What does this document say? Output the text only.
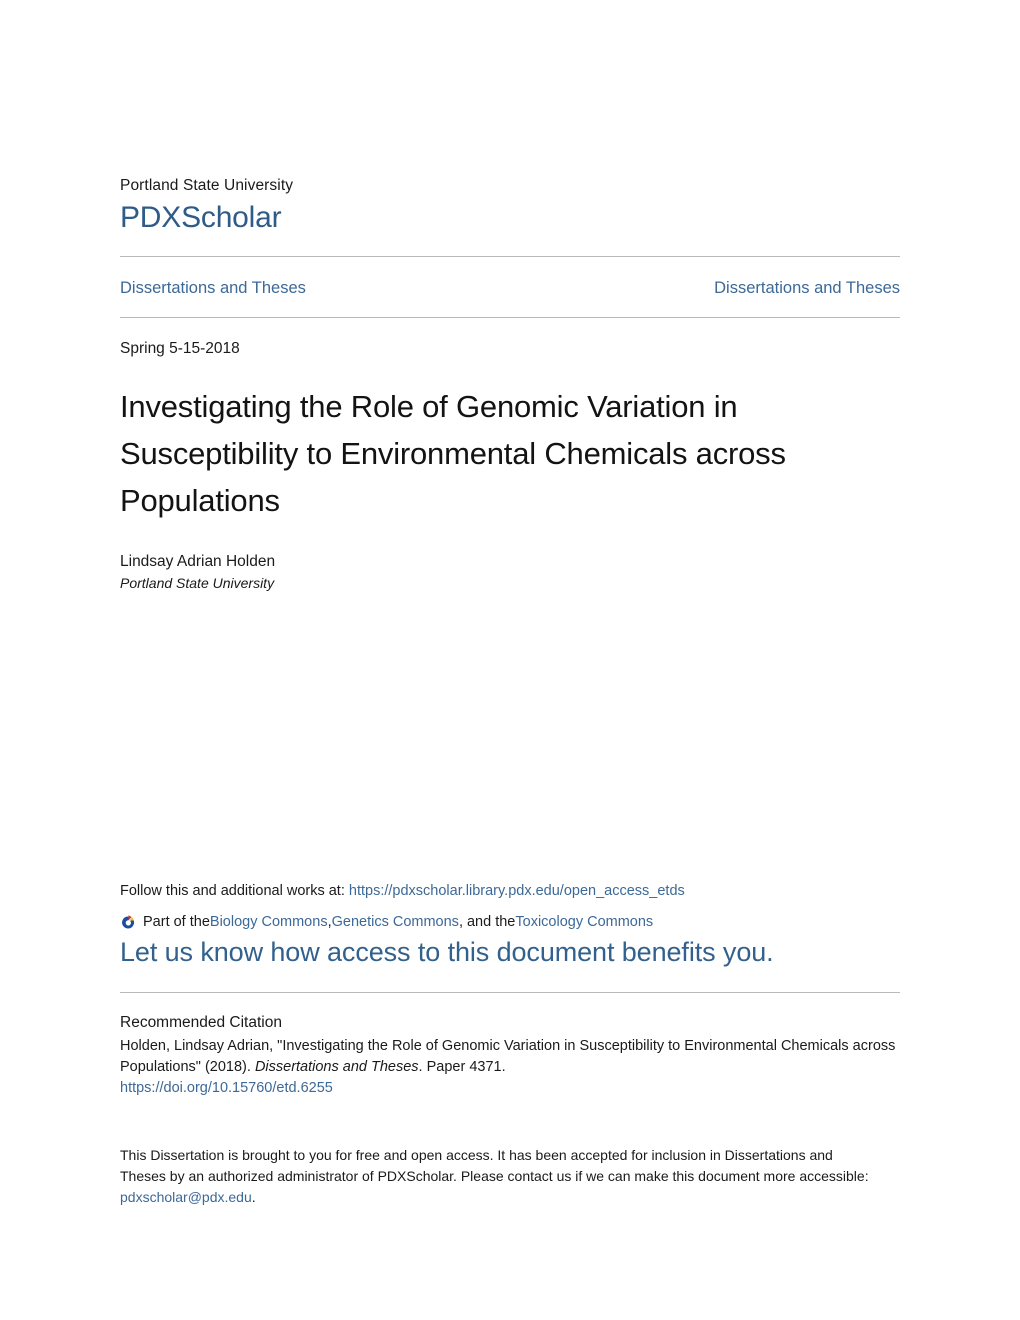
Portland State University
PDXScholar
Dissertations and Theses	Dissertations and Theses
Spring 5-15-2018
Investigating the Role of Genomic Variation in Susceptibility to Environmental Chemicals across Populations
Lindsay Adrian Holden
Portland State University
Follow this and additional works at: https://pdxscholar.library.pdx.edu/open_access_etds
Part of the Biology Commons , Genetics Commons , and the Toxicology Commons
Let us know how access to this document benefits you.
Recommended Citation
Holden, Lindsay Adrian, "Investigating the Role of Genomic Variation in Susceptibility to Environmental Chemicals across Populations" (2018). Dissertations and Theses. Paper 4371.
https://doi.org/10.15760/etd.6255
This Dissertation is brought to you for free and open access. It has been accepted for inclusion in Dissertations and Theses by an authorized administrator of PDXScholar. Please contact us if we can make this document more accessible: pdxscholar@pdx.edu.
